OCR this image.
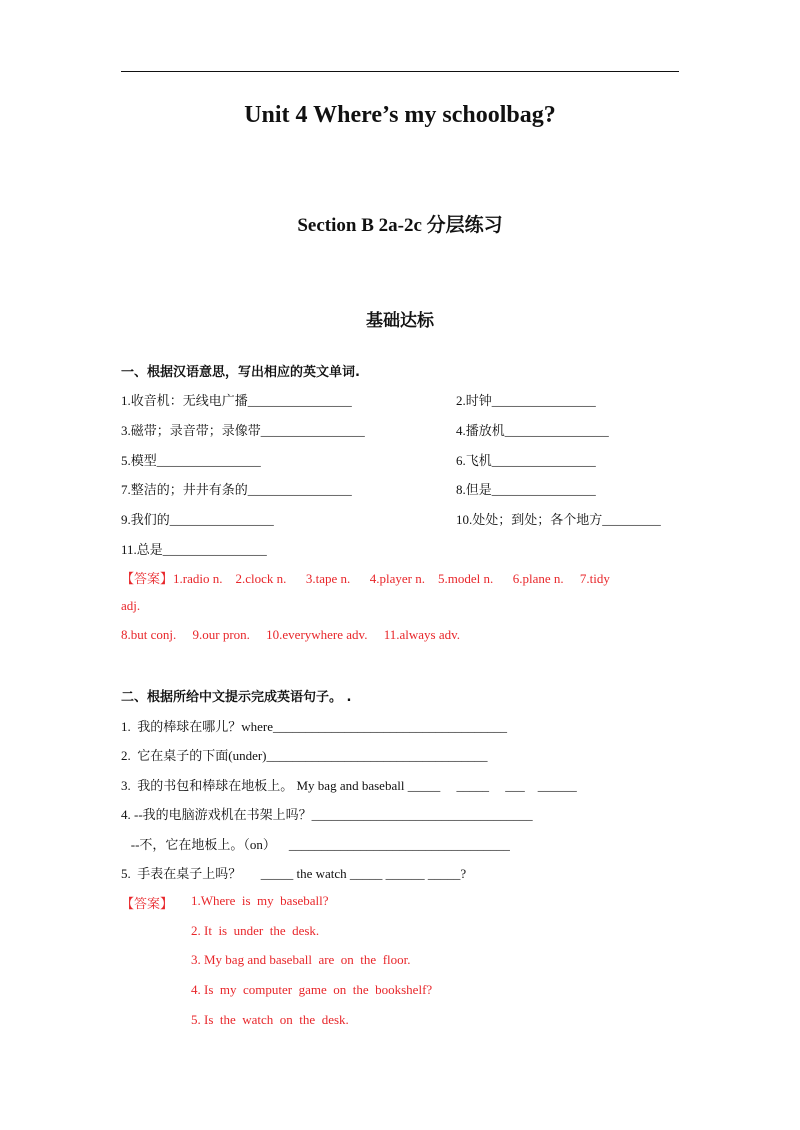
Unit 4 Where’s my schoolbag?
Section B 2a-2c 分层练习
基础达标
一、根据汉语意思，写出相应的英文单词.
1.收音机：无线电广播________________	2.时钟________________
3.磁带；录音带；录像带________________	4.播放机________________
5.模型________________	6.飞机________________
7.整洁的；井井有条的________________	8.但是________________
9.我们的________________	10.处处；到处；各个地方_________
11.总是________________
【答案】1.radio n.    2.clock n.      3.tape n.      4.player n.    5.model n.      6.plane n.     7.tidy
adj.
8.but conj.     9.our pron.     10.everywhere adv.     11.always adv.
二、根据所给中文提示完成英语句子。 .
1.  我的棒球在哪儿？where____________________________________
2.  它在桌子的下面(under)__________________________________
3.  我的书包和棒球在地板上。 My bag and baseball _____     _____     ___    ______
4. --我的电脑游戏机在书架上吗？__________________________________
--不，它在地板上。（on）    __________________________________
5.  手表在桌子上吗？      _____ the watch _____ ______ _____?
【答案】 1.Where  is  my  baseball?
2. It  is  under  the  desk.
3. My bag and baseball  are  on  the  floor.
4. Is  my  computer  game  on  the  bookshelf?
5. Is  the  watch  on  the  desk.
